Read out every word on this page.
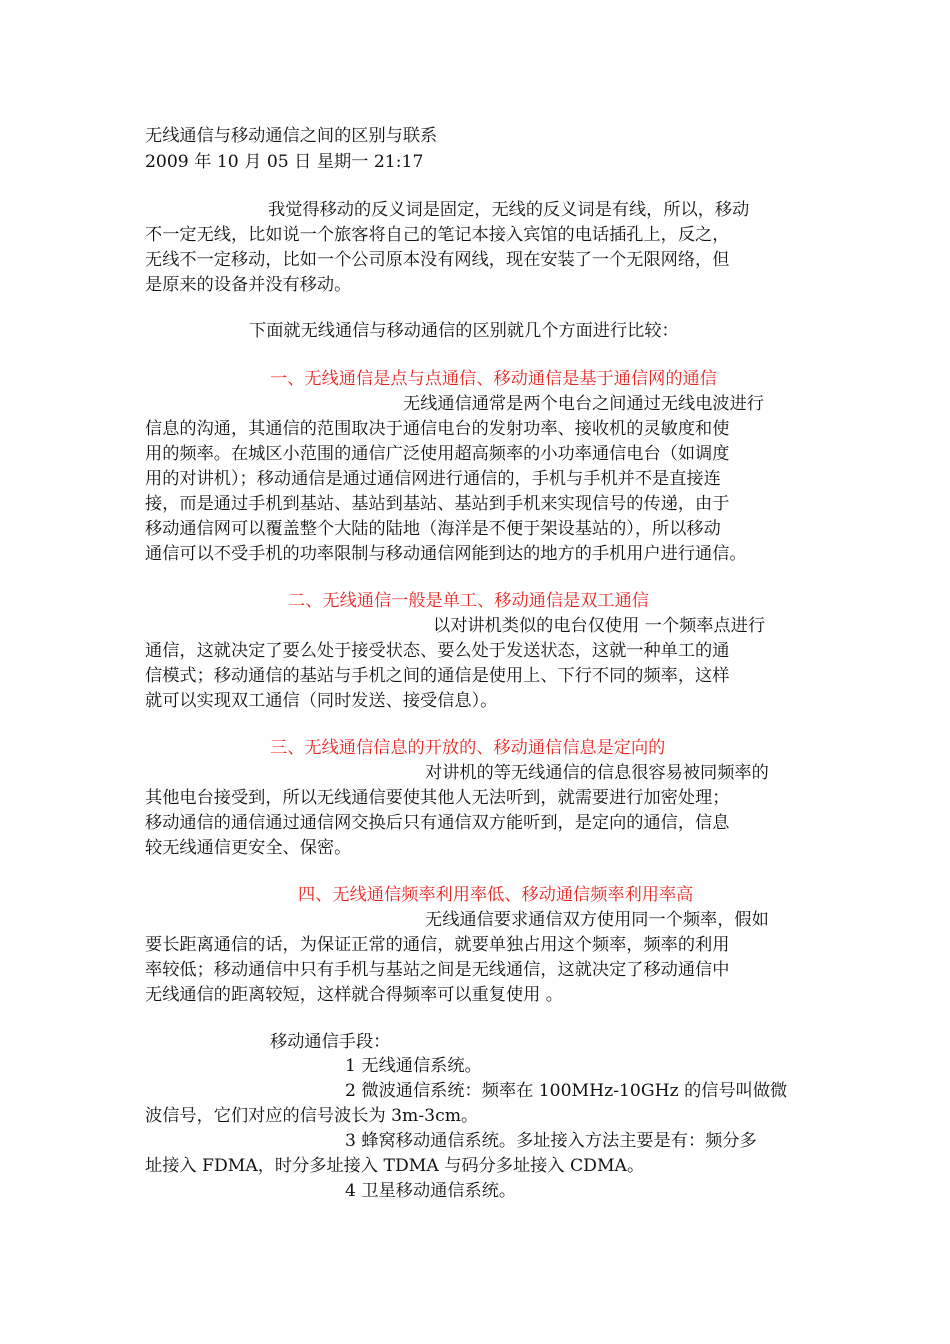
无线通信与移动通信之间的区别与联系
2009 年 10 月 05 日 星期一 21:17
我觉得移动的反义词是固定，无线的反义词是有线，所以，移动
不一定无线，比如说一个旅客将自己的笔记本接入宾馆的电话插孔上，反之，
无线不一定移动，比如一个公司原本没有网线，现在安装了一个无限网络，但
是原来的设备并没有移动。
下面就无线通信与移动通信的区别就几个方面进行比较：
一、无线通信是点与点通信、移动通信是基于通信网的通信
无线通信通常是两个电台之间通过无线电波进行
信息的沟通，其通信的范围取决于通信电台的发射功率、接收机的灵敏度和使
用的频率。在城区小范围的通信广泛使用超高频率的小功率通信电台（如调度
用的对讲机）；移动通信是通过通信网进行通信的，手机与手机并不是直接连
接，而是通过手机到基站、基站到基站、基站到手机来实现信号的传递，由于
移动通信网可以覆盖整个大陆的陆地（海洋是不便于架设基站的），所以移动
通信可以不受手机的功率限制与移动通信网能到达的地方的手机用户进行通信。
二、无线通信一般是单工、移动通信是双工通信
以对讲机类似的电台仅使用 一个频率点进行
通信，这就决定了要么处于接受状态、要么处于发送状态，这就一种单工的通
信模式；移动通信的基站与手机之间的通信是使用上、下行不同的频率，这样
就可以实现双工通信（同时发送、接受信息）。
三、无线通信信息的开放的、移动通信信息是定向的
对讲机的等无线通信的信息很容易被同频率的
其他电台接受到，所以无线通信要使其他人无法听到，就需要进行加密处理；
移动通信的通信通过通信网交换后只有通信双方能听到，是定向的通信，信息
较无线通信更安全、保密。
四、无线通信频率利用率低、移动通信频率利用率高
无线通信要求通信双方使用同一个频率，假如
要长距离通信的话，为保证正常的通信，就要单独占用这个频率，频率的利用
率较低；移动通信中只有手机与基站之间是无线通信，这就决定了移动通信中
无线通信的距离较短，这样就合得频率可以重复使用 。
移动通信手段：
1 无线通信系统。
2 微波通信系统：频率在 100MHz-10GHz 的信号叫做微
波信号，它们对应的信号波长为 3m-3cm。
3 蜂窝移动通信系统。多址接入方法主要是有：频分多
址接入 FDMA，时分多址接入 TDMA 与码分多址接入 CDMA。
4 卫星移动通信系统。
